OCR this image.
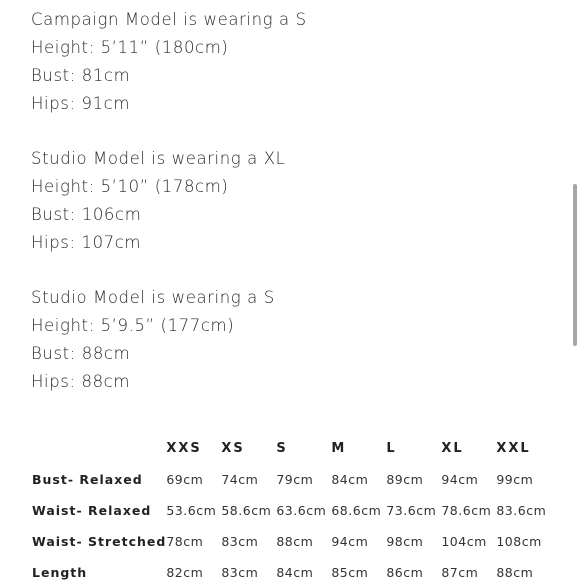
Campaign Model is wearing a S
Height: 5’11” (180cm)
Bust: 81cm
Hips: 91cm
Studio Model is wearing a XL
Height: 5’10” (178cm)
Bust: 106cm
Hips: 107cm
Studio Model is wearing a S
Height: 5’9.5” (177cm)
Bust: 88cm
Hips: 88cm
	XXS	XS	S	M	L	XL	XXL
Bust- Relaxed	69cm	74cm	79cm	84cm	89cm	94cm	99cm
Waist- Relaxed	53.6cm	58.6cm	63.6cm	68.6cm	73.6cm	78.6cm	83.6cm
Waist- Stretched	78cm	83cm	88cm	94cm	98cm	104cm	108cm
Length	82cm	83cm	84cm	85cm	86cm	87cm	88cm
